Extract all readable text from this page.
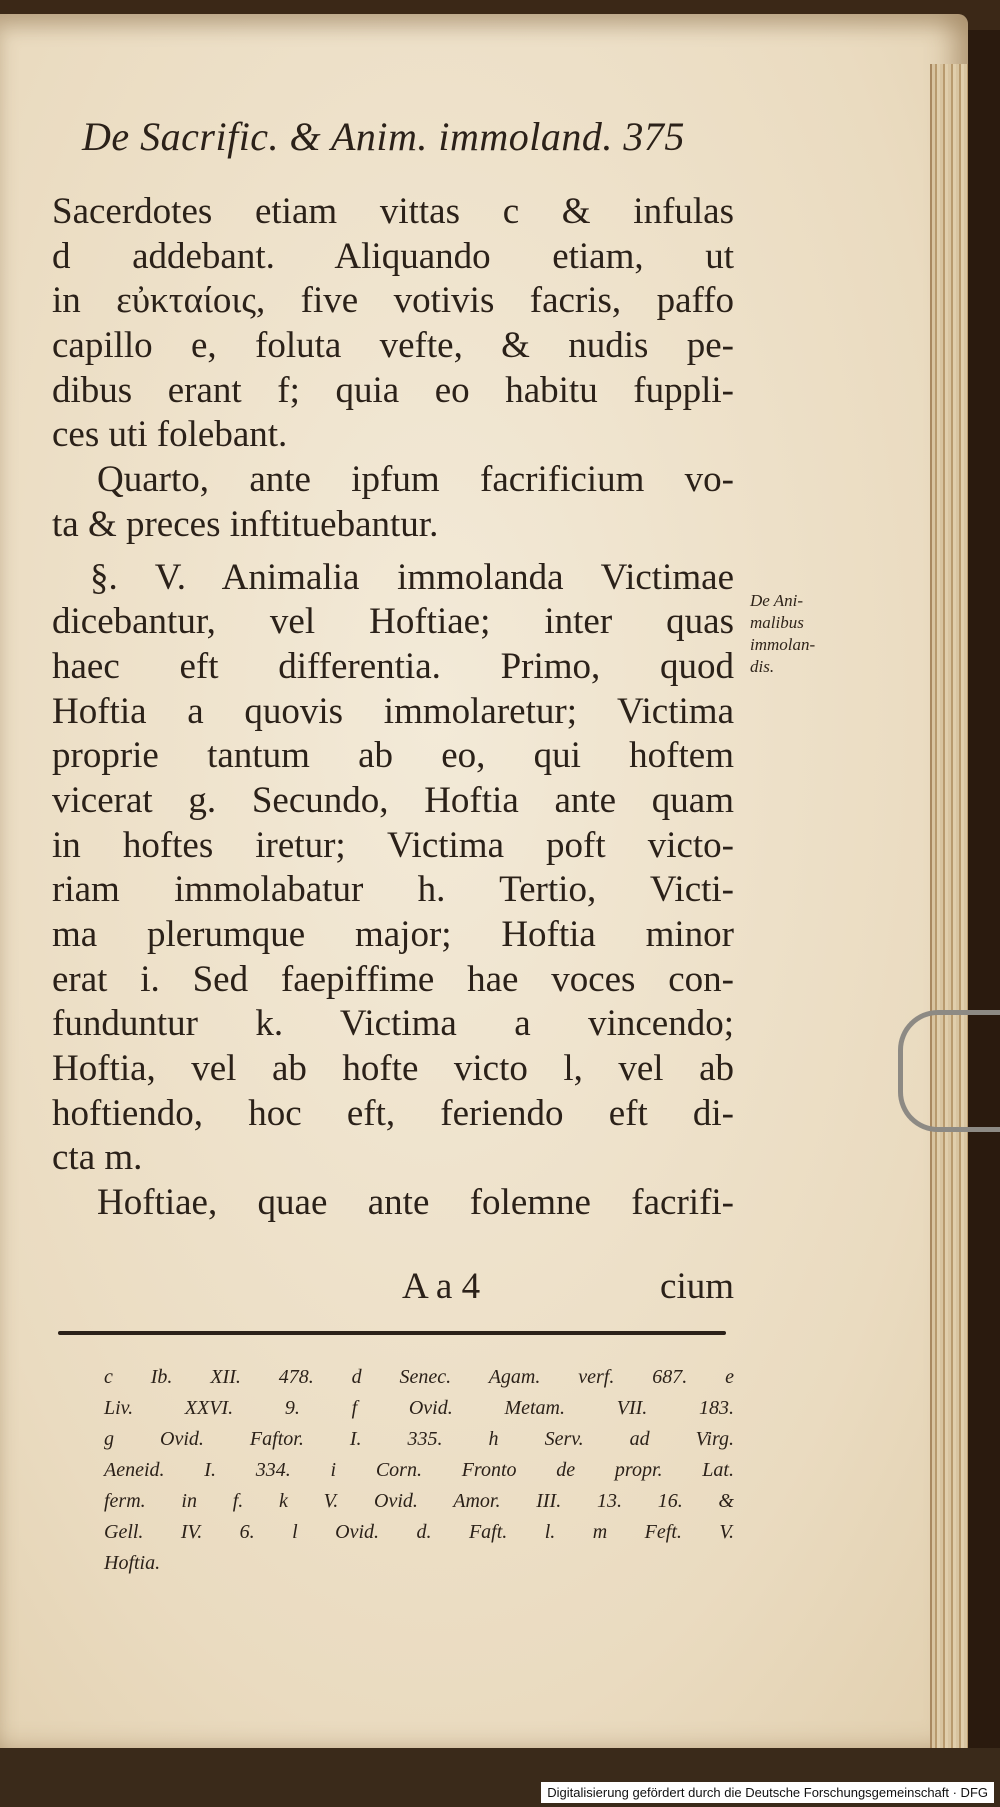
De Sacrific. & Anim. immoland. 375
Sacerdotes etiam vittas c & infulas
d addebant. Aliquando etiam, ut
in εὐκταίοις, five votivis facris, paffo
capillo e, foluta vefte, & nudis pe-
dibus erant f; quia eo habitu fuppli-
ces uti folebant.
Quarto, ante ipfum facrificium vo-
ta & preces inftituebantur.
§. V. Animalia immolanda Victimae
dicebantur, vel Hoftiae; inter quas
haec eft differentia. Primo, quod
Hoftia a quovis immolaretur; Victima
proprie tantum ab eo, qui hoftem
vicerat g. Secundo, Hoftia ante quam
in hoftes iretur; Victima poft victo-
riam immolabatur h. Tertio, Victi-
ma plerumque major; Hoftia minor
erat i. Sed faepiffime hae voces con-
funduntur k. Victima a vincendo;
Hoftia, vel ab hofte victo l, vel ab
hoftiendo, hoc eft, feriendo eft di-
cta m.
Hoftiae, quae ante folemne facrifi-
De Ani-
malibus
immolan-
dis.
A a 4	cium
c Ib. XII. 478. d Senec. Agam. verf. 687. e
Liv. XXVI. 9. f Ovid. Metam. VII. 183.
g Ovid. Faftor. I. 335. h Serv. ad Virg.
Aeneid. I. 334. i Corn. Fronto de propr. Lat.
ferm. in f. k V. Ovid. Amor. III. 13. 16. &
Gell. IV. 6. l Ovid. d. Faft. l. m Feft. V.
Hoftia.
Digitalisierung gefördert durch die Deutsche Forschungsgemeinschaft · DFG
